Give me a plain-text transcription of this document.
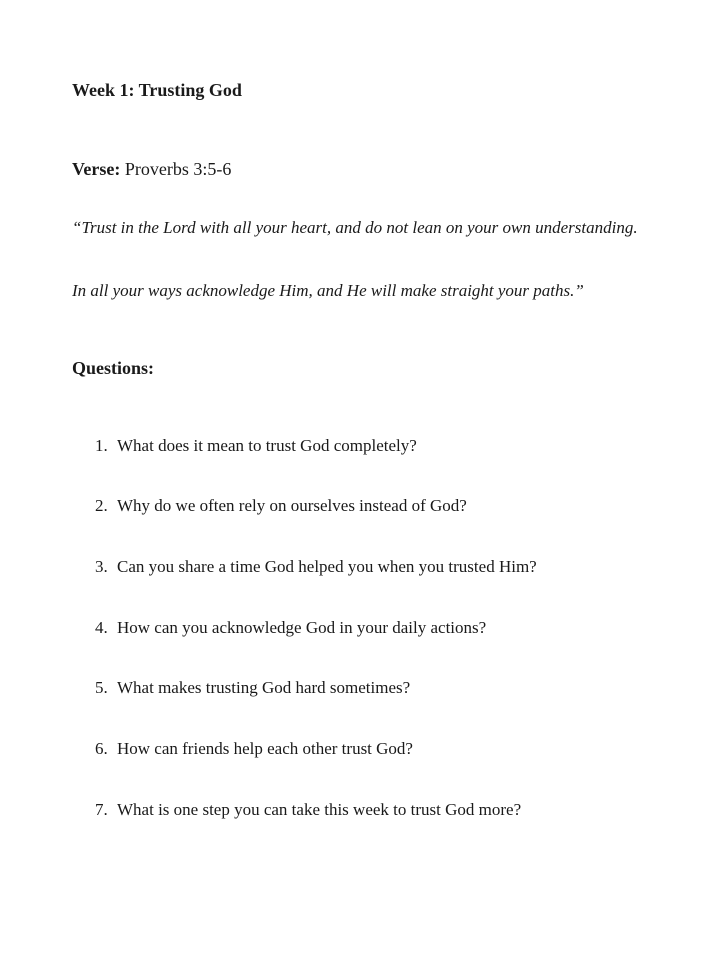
Week 1: Trusting God
Verse: Proverbs 3:5-6
“Trust in the Lord with all your heart, and do not lean on your own understanding.
In all your ways acknowledge Him, and He will make straight your paths.”
Questions:
1. What does it mean to trust God completely?
2. Why do we often rely on ourselves instead of God?
3. Can you share a time God helped you when you trusted Him?
4. How can you acknowledge God in your daily actions?
5. What makes trusting God hard sometimes?
6. How can friends help each other trust God?
7. What is one step you can take this week to trust God more?
